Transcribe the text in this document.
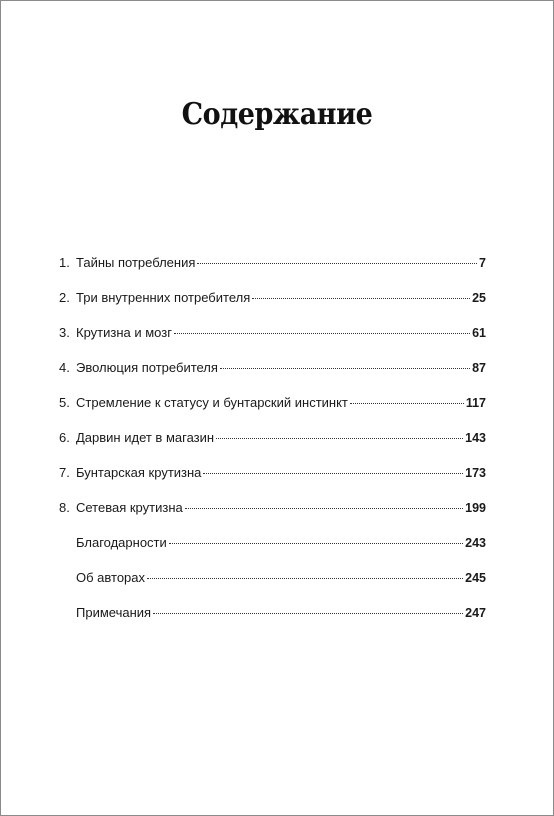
Содержание
1. Тайны потребления	7
2. Три внутренних потребителя	25
3. Крутизна и мозг	61
4. Эволюция потребителя	87
5. Стремление к статусу и бунтарский инстинкт	117
6. Дарвин идет в магазин	143
7. Бунтарская крутизна	173
8. Сетевая крутизна	199
Благодарности	243
Об авторах	245
Примечания	247
